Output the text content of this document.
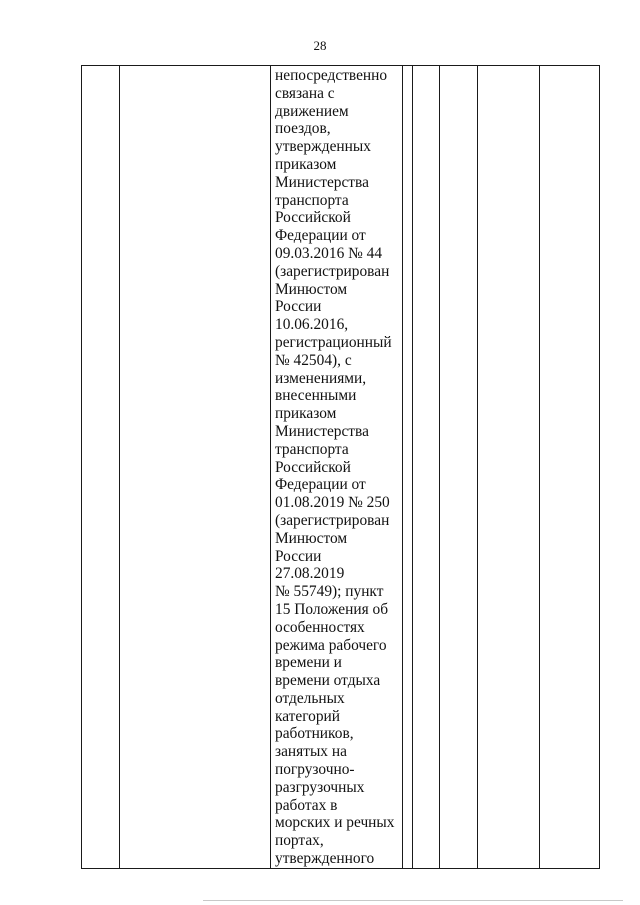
28

непосредственно
связана с
движением
поездов,
утвержденных
приказом
Министерства
транспорта
Российской
Федерации от
09.03.2016 № 44
(зарегистрирован
Минюстом
России
10.06.2016,
регистрационный
№ 42504), с
изменениями,
внесенными
приказом
Министерства
транспорта
Российской
Федерации от
01.08.2019 № 250
(зарегистрирован
Минюстом
России
27.08.2019
№ 55749); пункт
15 Положения об
особенностях
режима рабочего
времени и
времени отдыха
отдельных
категорий
работников,
занятых на
погрузочно-
разгрузочных
работах в
морских и речных
портах,
утвержденного
